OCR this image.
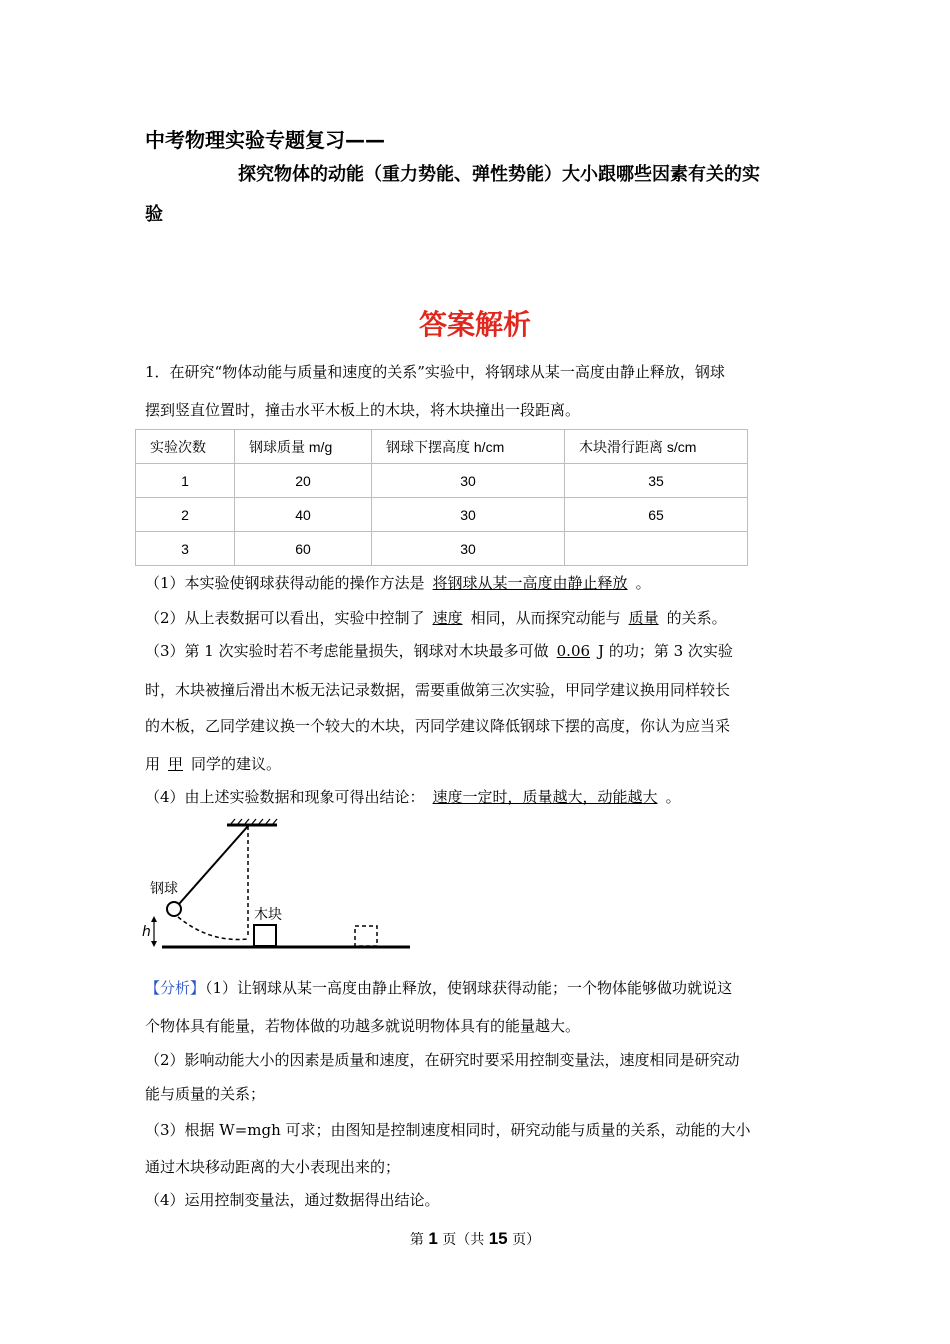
中考物理实验专题复习——
探究物体的动能（重力势能、弹性势能）大小跟哪些因素有关的实
验
答案解析
1．在研究“物体动能与质量和速度的关系”实验中，将钢球从某一高度由静止释放，钢球
摆到竖直位置时，撞击水平木板上的木块，将木块撞出一段距离。
实验次数	钢球质量 m/g	钢球下摆高度 h/cm	木块滑行距离 s/cm
1	20	30	35
2	40	30	65
3	60	30	
（1）本实验使钢球获得动能的操作方法是 将钢球从某一高度由静止释放 。
（2）从上表数据可以看出，实验中控制了 速度 相同，从而探究动能与 质量 的关系。
（3）第 1 次实验时若不考虑能量损失，钢球对木块最多可做 0.06 J 的功；第 3 次实验
时，木块被撞后滑出木板无法记录数据，需要重做第三次实验，甲同学建议换用同样较长
的木板，乙同学建议换一个较大的木块，丙同学建议降低钢球下摆的高度，你认为应当采
用 甲 同学的建议。
（4）由上述实验数据和现象可得出结论： 速度一定时，质量越大，动能越大 。
钢球
木块
h
【分析】（1）让钢球从某一高度由静止释放，使钢球获得动能；一个物体能够做功就说这
个物体具有能量，若物体做的功越多就说明物体具有的能量越大。
（2）影响动能大小的因素是质量和速度，在研究时要采用控制变量法，速度相同是研究动
能与质量的关系；
（3）根据 W=mgh 可求；由图知是控制速度相同时，研究动能与质量的关系，动能的大小
通过木块移动距离的大小表现出来的；
（4）运用控制变量法，通过数据得出结论。
第 1 页（共 15 页）
